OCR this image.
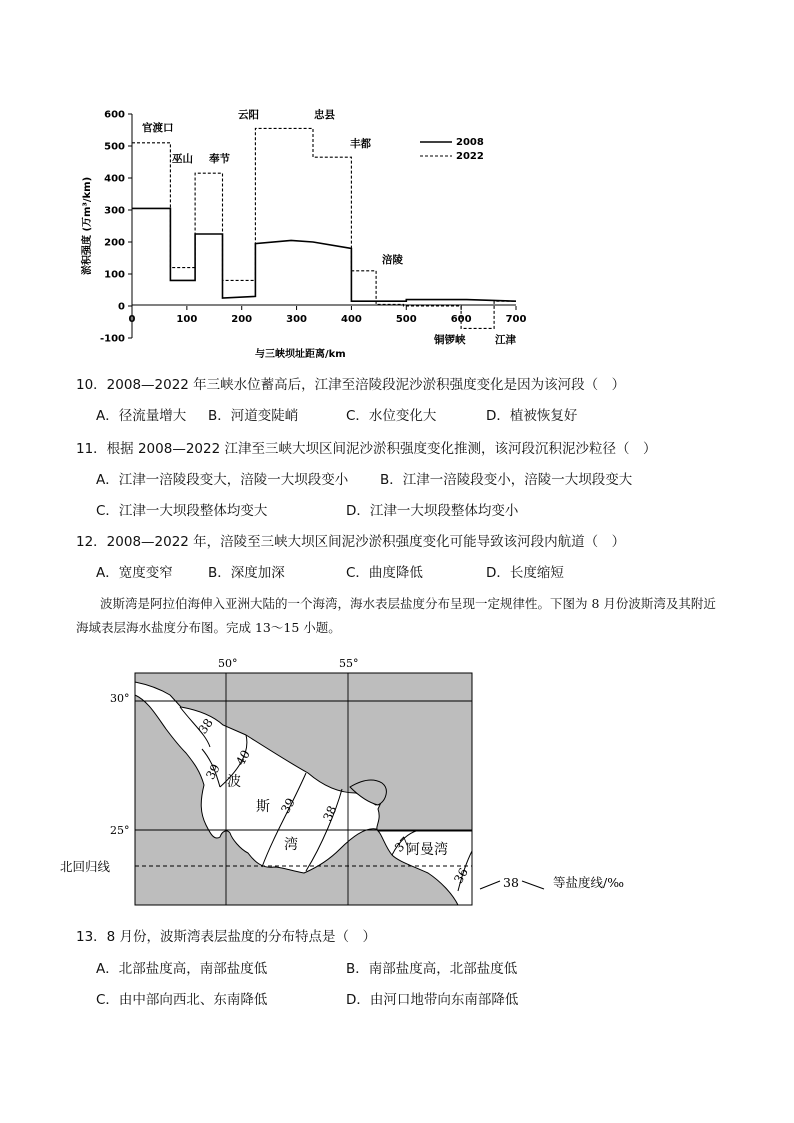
淤积强度 (万m³/km)
600
500
400
300
200
100
0
-100
0	100	200	300	400	500	600	700
官渡口
巫山 奉节
云阳	忠县
丰都
涪陵
铜锣峡	江津
与三峡坝址距离/km
2008
2022
10．2008—2022 年三峡水位蓄高后，江津至涪陵段泥沙淤积强度变化是因为该河段（　）
A．径流量增大 B．河道变陡峭	C．水位变化大	D．植被恢复好
11．根据 2008—2022 江津至三峡大坝区间泥沙淤积强度变化推测，该河段沉积泥沙粒径（　）
A．江津一涪陵段变大，涪陵一大坝段变小 B．江津一涪陵段变小，涪陵一大坝段变大
C．江津一大坝段整体均变大	D．江津一大坝段整体均变小
12．2008—2022 年，涪陵至三峡大坝区间泥沙淤积强度变化可能导致该河段内航道（　）
A．宽度变窄	B．深度加深	C．曲度降低	D．长度缩短
波斯湾是阿拉伯海伸入亚洲大陆的一个海湾，海水表层盐度分布呈现一定规律性。下图为 8 月份波斯湾及其附近海域表层海水盐度分布图。完成 13～15 小题。
50°	55°
30°
25°
北回归线
38
39
40
39 38
37
36
波
斯
湾	阿曼湾
38	等盐度线/‰
13．8 月份，波斯湾表层盐度的分布特点是（　）
A．北部盐度高，南部盐度低	B．南部盐度高，北部盐度低
C．由中部向西北、东南降低	D．由河口地带向东南部降低
